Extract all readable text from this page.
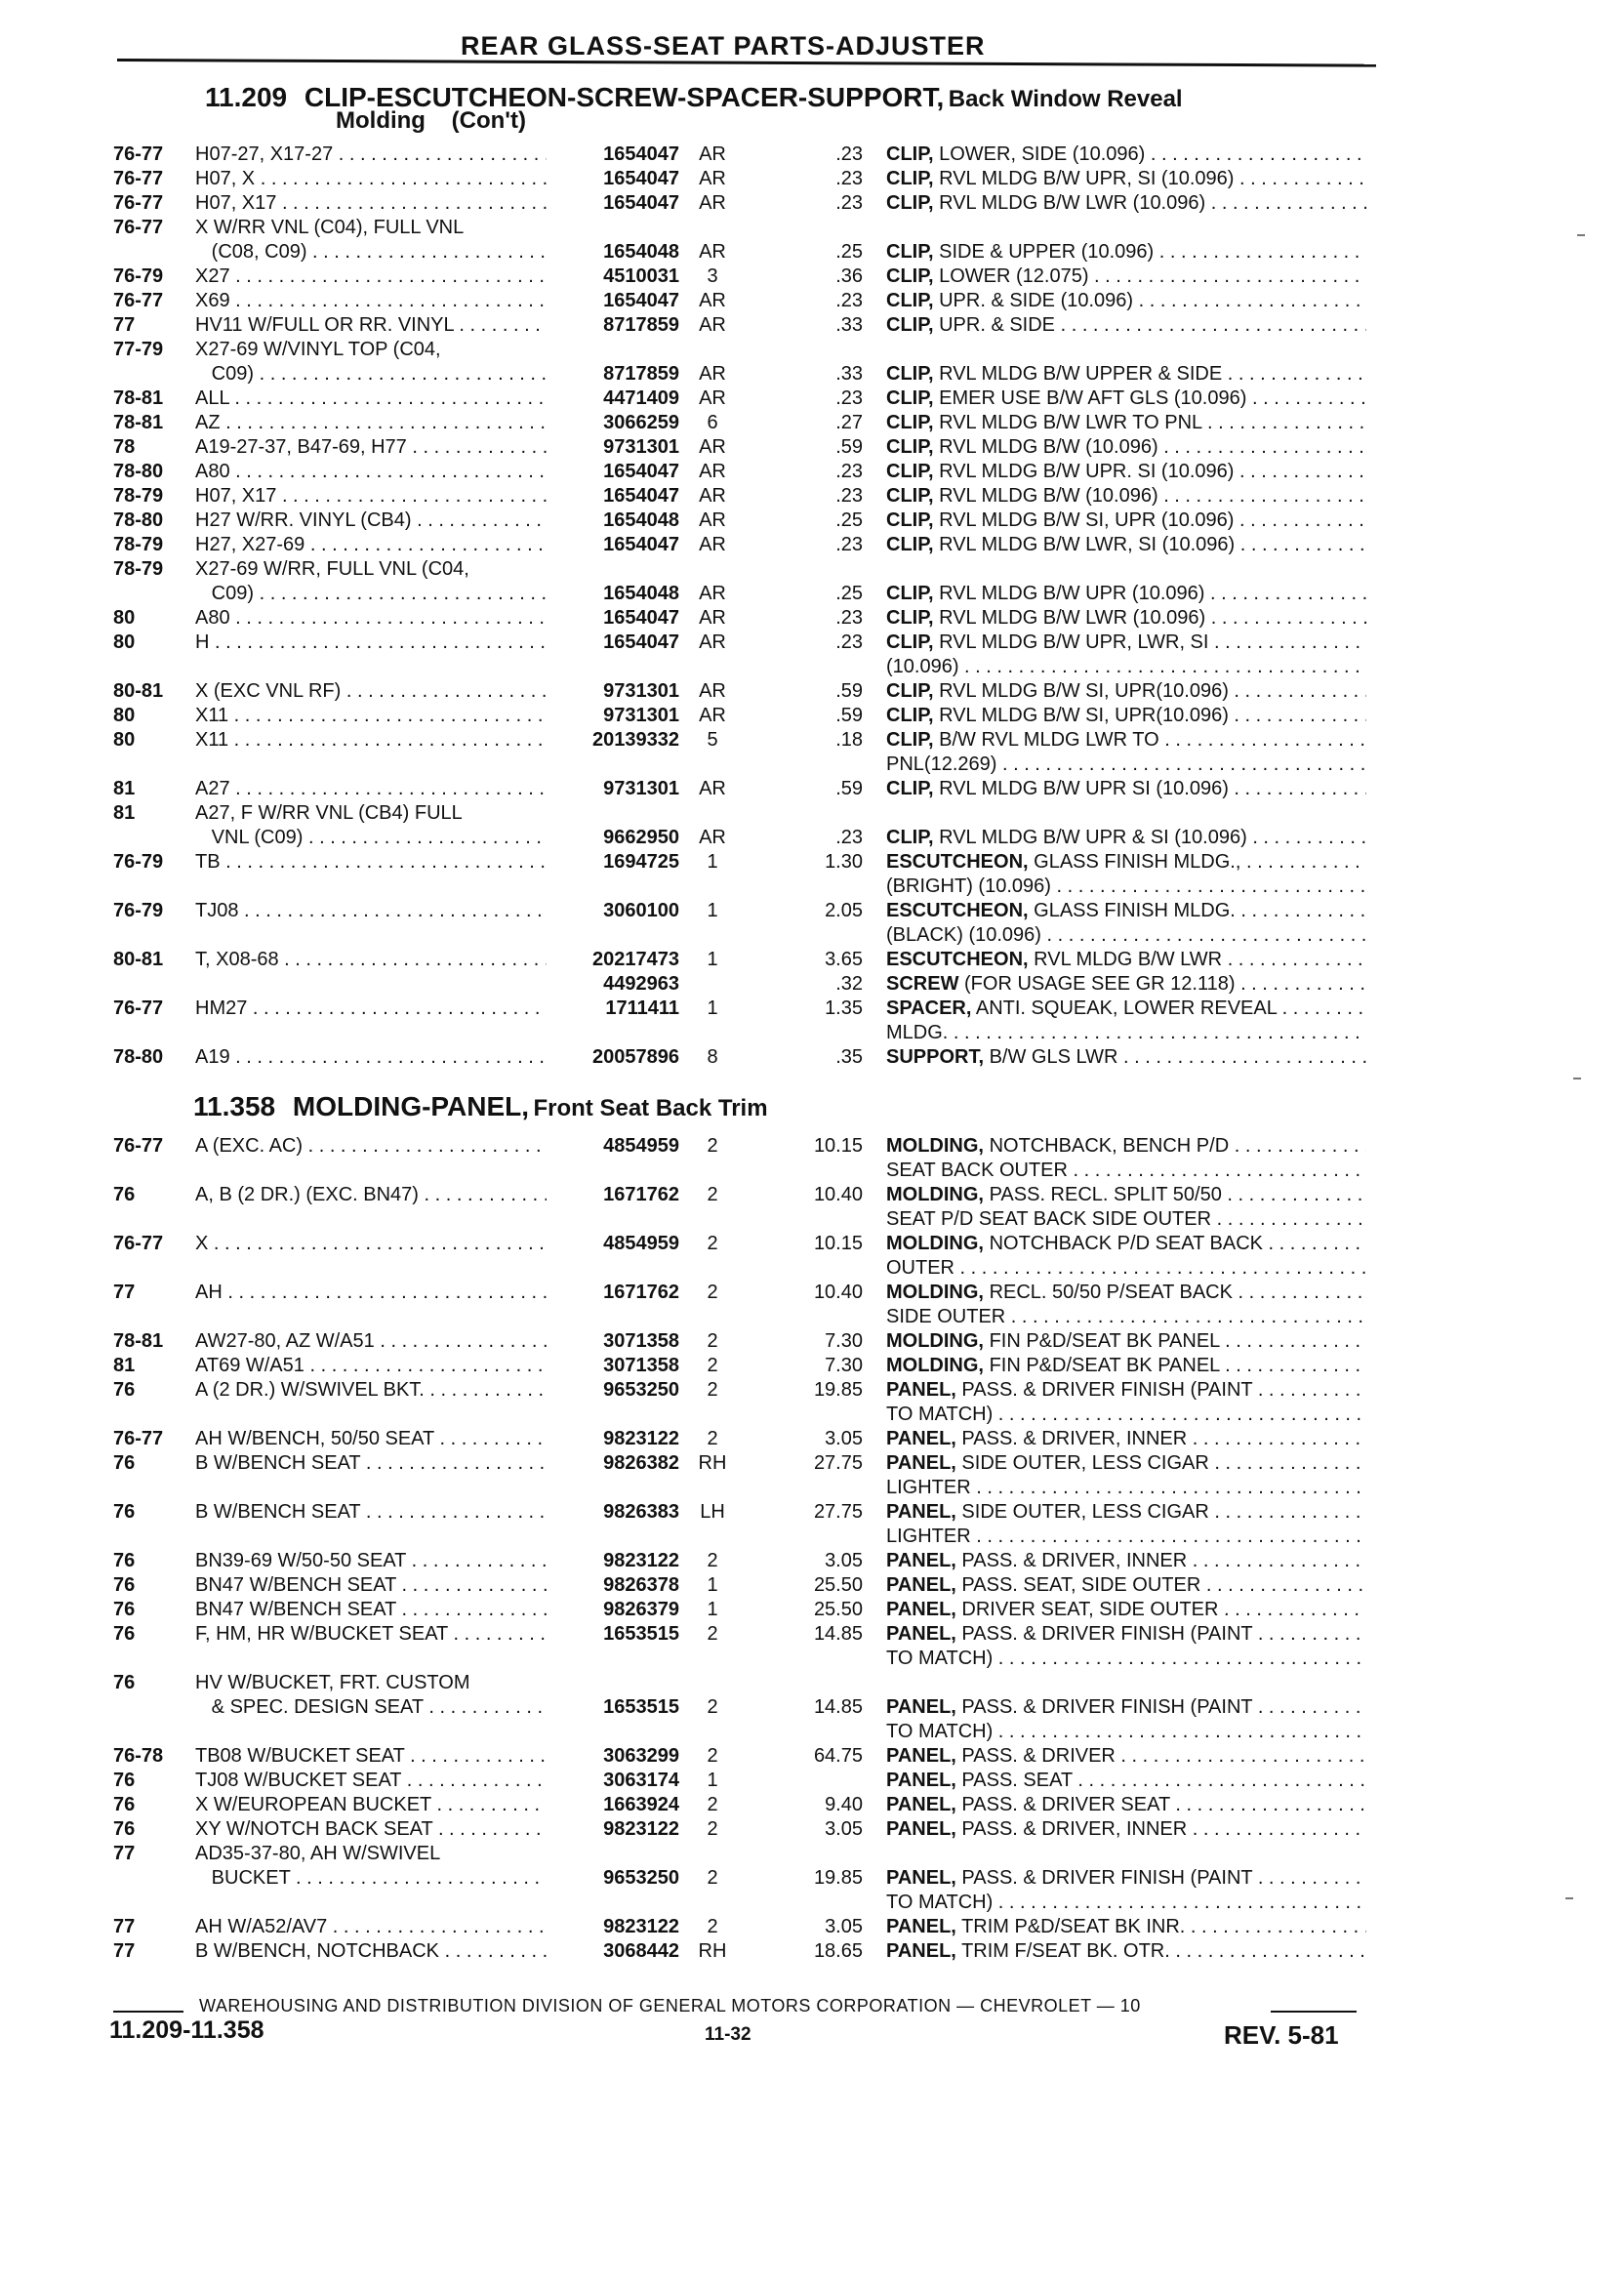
REAR GLASS-SEAT PARTS-ADJUSTER
11.209 CLIP-ESCUTCHEON-SCREW-SPACER-SUPPORT, Back Window Reveal
Molding    (Con't)
76-77 H07-27, X17-27 . . .	1654047	AR	.23 CLIP, LOWER, SIDE (10.096) . . .
76-77 H07, X . . .	1654047	AR	.23 CLIP, RVL MLDG B/W UPR, SI (10.096) . . .
76-77 H07, X17 . . .	1654047	AR	.23 CLIP, RVL MLDG B/W LWR (10.096) . . .
76-77 X W/RR VNL (C04), FULL VNL
(C08, C09) . . .	1654048	AR	.25 CLIP, SIDE & UPPER (10.096) . . .
76-79 X27 . . .	4510031	3	.36 CLIP, LOWER (12.075) . . .
76-77 X69 . . .	1654047	AR	.23 CLIP, UPR. & SIDE (10.096) . . .
77	HV11 W/FULL OR RR. VINYL . . .	8717859	AR	.33 CLIP, UPR. & SIDE . . .
77-79 X27-69 W/VINYL TOP (C04,
C09) . . .	8717859	AR	.33 CLIP, RVL MLDG B/W UPPER & SIDE . . .
78-81 ALL . . .	4471409	AR	.23 CLIP, EMER USE B/W AFT GLS (10.096) . . .
78-81 AZ . . .	3066259	6	.27 CLIP, RVL MLDG B/W LWR TO PNL . . .
78	A19-27-37, B47-69, H77 . . .	9731301	AR	.59 CLIP, RVL MLDG B/W (10.096) . . .
78-80 A80 . . .	1654047	AR	.23 CLIP, RVL MLDG B/W UPR. SI (10.096) . . .
78-79 H07, X17 . . .	1654047	AR	.23 CLIP, RVL MLDG B/W (10.096) . . .
78-80 H27 W/RR. VINYL (CB4) . . .	1654048	AR	.25 CLIP, RVL MLDG B/W SI, UPR (10.096) . . .
78-79 H27, X27-69 . . .	1654047	AR	.23 CLIP, RVL MLDG B/W LWR, SI (10.096) . . .
78-79 X27-69 W/RR, FULL VNL (C04,
C09) . . .	1654048	AR	.25 CLIP, RVL MLDG B/W UPR (10.096) . . .
80	A80 . . .	1654047	AR	.23 CLIP, RVL MLDG B/W LWR (10.096) . . .
80	H . . .	1654047	AR	.23 CLIP, RVL MLDG B/W UPR, LWR, SI . . .
(10.096) . . .
80-81 X (EXC VNL RF) . . .	9731301	AR	.59 CLIP, RVL MLDG B/W SI, UPR(10.096) . . .
80	X11 . . .	9731301	AR	.59 CLIP, RVL MLDG B/W SI, UPR(10.096) . . .
80	X11 . . .	20139332	5	.18 CLIP, B/W RVL MLDG LWR TO . . .
PNL(12.269) . . .
81	A27 . . .	9731301	AR	.59 CLIP, RVL MLDG B/W UPR SI (10.096) . . .
81	A27, F W/RR VNL (CB4) FULL
VNL (C09) . . .	9662950	AR	.23 CLIP, RVL MLDG B/W UPR & SI (10.096) . . .
76-79 TB . . .	1694725	1	1.30 ESCUTCHEON, GLASS FINISH MLDG., . . .
(BRIGHT) (10.096) . . .
76-79 TJ08 . . .	3060100	1	2.05 ESCUTCHEON, GLASS FINISH MLDG. . . .
(BLACK) (10.096) . . .
80-81 T, X08-68 . . .	20217473	1	3.65 ESCUTCHEON, RVL MLDG B/W LWR . . .
4492963	.32 SCREW (FOR USAGE SEE GR 12.118) . . .
76-77 HM27 . . .	1711411	1	1.35 SPACER, ANTI. SQUEAK, LOWER REVEAL . . .
MLDG. . . .
78-80 A19 . . .	20057896	8	.35 SUPPORT, B/W GLS LWR . . .
11.358 MOLDING-PANEL, Front Seat Back Trim
76-77 A (EXC. AC) . . .	4854959	2	10.15 MOLDING, NOTCHBACK, BENCH P/D . . .
SEAT BACK OUTER . . .
76	A, B (2 DR.) (EXC. BN47) . . .	1671762	2	10.40 MOLDING, PASS. RECL. SPLIT 50/50 . . .
SEAT P/D SEAT BACK SIDE OUTER . . .
76-77 X . . .	4854959	2	10.15 MOLDING, NOTCHBACK P/D SEAT BACK . . .
OUTER . . .
77	AH . . .	1671762	2	10.40 MOLDING, RECL. 50/50 P/SEAT BACK . . .
SIDE OUTER . . .
78-81 AW27-80, AZ W/A51 . . .	3071358	2	7.30 MOLDING, FIN P&D/SEAT BK PANEL . . .
81	AT69 W/A51 . . .	3071358	2	7.30 MOLDING, FIN P&D/SEAT BK PANEL . . .
76	A (2 DR.) W/SWIVEL BKT. . . .	9653250	2	19.85 PANEL, PASS. & DRIVER FINISH (PAINT . . .
TO MATCH) . . .
76-77 AH W/BENCH, 50/50 SEAT . . .	9823122	2	3.05 PANEL, PASS. & DRIVER, INNER . . .
76	B W/BENCH SEAT . . .	9826382 RH	27.75 PANEL, SIDE OUTER, LESS CIGAR . . .
LIGHTER . . .
76	B W/BENCH SEAT . . .	9826383	LH	27.75 PANEL, SIDE OUTER, LESS CIGAR . . .
LIGHTER . . .
76	BN39-69 W/50-50 SEAT . . .	9823122	2	3.05 PANEL, PASS. & DRIVER, INNER . . .
76	BN47 W/BENCH SEAT . . .	9826378	1	25.50 PANEL, PASS. SEAT, SIDE OUTER . . .
76	BN47 W/BENCH SEAT . . .	9826379	1	25.50 PANEL, DRIVER SEAT, SIDE OUTER . . .
76	F, HM, HR W/BUCKET SEAT . . .	1653515	2	14.85 PANEL, PASS. & DRIVER FINISH (PAINT . . .
TO MATCH) . . .
76	HV W/BUCKET, FRT. CUSTOM
& SPEC. DESIGN SEAT . . .	1653515	2	14.85 PANEL, PASS. & DRIVER FINISH (PAINT . . .
TO MATCH) . . .
76-78 TB08 W/BUCKET SEAT . . .	3063299	2	64.75 PANEL, PASS. & DRIVER . . .
76	TJ08 W/BUCKET SEAT . . .	3063174	1	PANEL, PASS. SEAT . . .
76	X W/EUROPEAN BUCKET . . .	1663924	2	9.40 PANEL, PASS. & DRIVER SEAT . . .
76	XY W/NOTCH BACK SEAT . . .	9823122	2	3.05 PANEL, PASS. & DRIVER, INNER . . .
77	AD35-37-80, AH W/SWIVEL
BUCKET . . .	9653250	2	19.85 PANEL, PASS. & DRIVER FINISH (PAINT . . .
TO MATCH) . . .
77	AH W/A52/AV7 . . .	9823122	2	3.05 PANEL, TRIM P&D/SEAT BK INR. . . .
77	B W/BENCH, NOTCHBACK . . .	3068442 RH	18.65 PANEL, TRIM F/SEAT BK. OTR. . . .
WAREHOUSING AND DISTRIBUTION DIVISION OF GENERAL MOTORS CORPORATION — CHEVROLET — 10
11.209-11.358	11-32	REV. 5-81
